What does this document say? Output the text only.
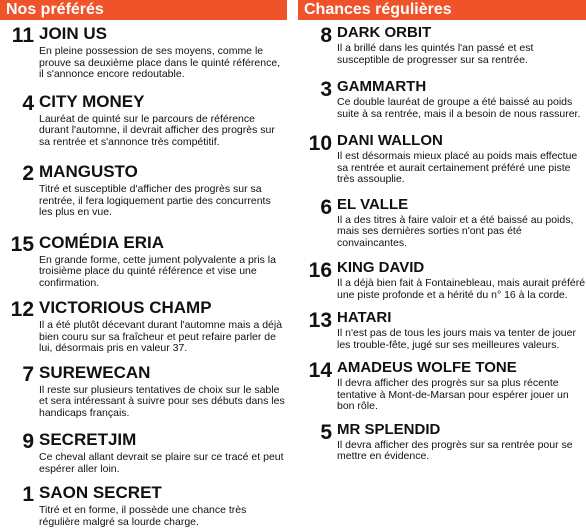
Nos préférés
11 JOIN US
En pleine possession de ses moyens, comme le prouve sa deuxième place dans le quinté référence, il s'annonce encore redoutable.
4 CITY MONEY
Lauréat de quinté sur le parcours de référence durant l'automne, il devrait afficher des progrès sur sa rentrée et s'annonce très compétitif.
2 MANGUSTO
Titré et susceptible d'afficher des progrès sur sa rentrée, il fera logiquement partie des concurrents les plus en vue.
15 COMÉDIA ERIA
En grande forme, cette jument polyvalente a pris la troisième place du quinté référence et vise une confirmation.
12 VICTORIOUS CHAMP
Il a été plutôt décevant durant l'automne mais a déjà bien couru sur sa fraîcheur et peut refaire parler de lui, désormais pris en valeur 37.
7 SUREWECAN
Il reste sur plusieurs tentatives de choix sur le sable et sera intéressant à suivre pour ses débuts dans les handicaps français.
9 SECRETJIM
Ce cheval allant devrait se plaire sur ce tracé et peut espérer aller loin.
1 SAON SECRET
Titré et en forme, il possède une chance très régulière malgré sa lourde charge.
Chances régulières
8 DARK ORBIT
Il a brillé dans les quintés l'an passé et est susceptible de progresser sur sa rentrée.
3 GAMMARTH
Ce double lauréat de groupe a été baissé au poids suite à sa rentrée, mais il a besoin de nous rassurer.
10 DANI WALLON
Il est désormais mieux placé au poids mais effectue sa rentrée et aurait certainement préféré une piste très assouplie.
6 EL VALLE
Il a des titres à faire valoir et a été baissé au poids, mais ses dernières sorties n'ont pas été convaincantes.
16 KING DAVID
Il a déjà bien fait à Fontainebleau, mais aurait préféré une piste profonde et a hérité du n° 16 à la corde.
13 HATARI
Il n'est pas de tous les jours mais va tenter de jouer les trouble-fête, jugé sur ses meilleures valeurs.
14 AMADEUS WOLFE TONE
Il devra afficher des progrès sur sa plus récente tentative à Mont-de-Marsan pour espérer jouer un bon rôle.
5 MR SPLENDID
Il devra afficher des progrès sur sa rentrée pour se mettre en évidence.
